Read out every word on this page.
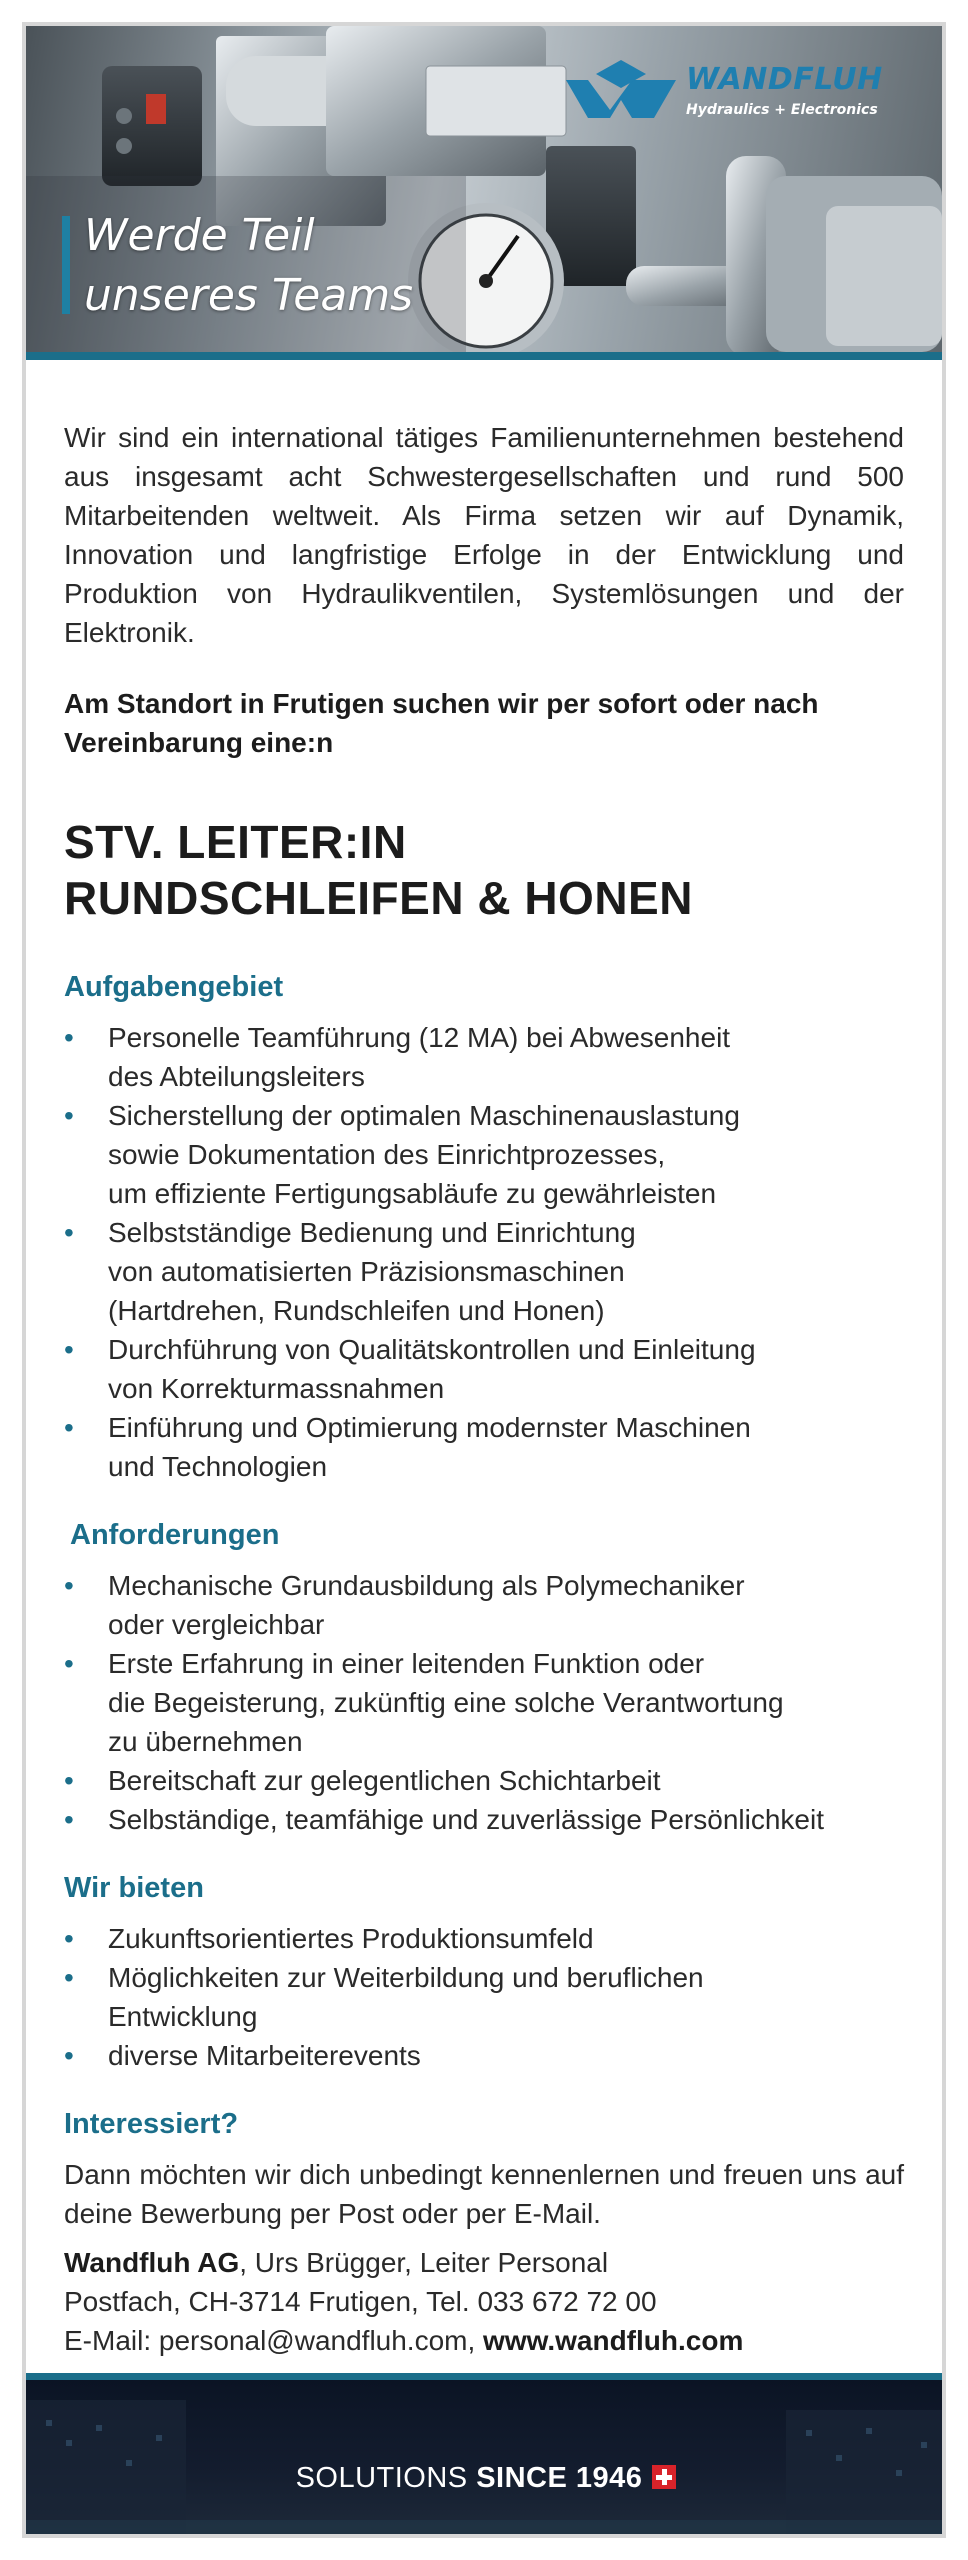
WANDFLUH
Hydraulics + Electronics
Werde Teil
unseres Teams

Wir sind ein international tätiges Familienunternehmen bestehend aus insgesamt acht Schwestergesellschaften und rund 500 Mitarbeitenden weltweit. Als Firma setzen wir auf Dynamik, Innovation und langfristige Erfolge in der Entwicklung und Produktion von Hydraulikventilen, Systemlösungen und der Elektronik.

Am Standort in Frutigen suchen wir per sofort oder nach Vereinbarung eine:n

STV. LEITER:IN
RUNDSCHLEIFEN & HONEN
Aufgabengebiet
• Personelle Teamführung (12 MA) bei Abwesenheit
des Abteilungsleiters
• Sicherstellung der optimalen Maschinenauslastung
sowie Dokumentation des Einrichtprozesses,
um effiziente Fertigungsabläufe zu gewährleisten
• Selbstständige Bedienung und Einrichtung
von automatisierten Präzisionsmaschinen
(Hartdrehen, Rundschleifen und Honen)
• Durchführung von Qualitätskontrollen und Einleitung
von Korrekturmassnahmen
• Einführung und Optimierung modernster Maschinen
und Technologien
Anforderungen
• Mechanische Grundausbildung als Polymechaniker
oder vergleichbar
• Erste Erfahrung in einer leitenden Funktion oder
die Begeisterung, zukünftig eine solche Verantwortung
zu übernehmen
• Bereitschaft zur gelegentlichen Schichtarbeit
• Selbständige, teamfähige und zuverlässige Persönlichkeit
Wir bieten
• Zukunftsorientiertes Produktionsumfeld
• Möglichkeiten zur Weiterbildung und beruflichen
Entwicklung
• diverse Mitarbeiterevents
Interessiert?

Dann möchten wir dich unbedingt kennenlernen und freuen uns auf deine Bewerbung per Post oder per E-Mail.

Wandfluh AG, Urs Brügger, Leiter Personal
Postfach, CH-3714 Frutigen, Tel. 033 672 72 00
E-Mail: personal@wandfluh.com, www.wandfluh.com

SOLUTIONS SINCE 1946
